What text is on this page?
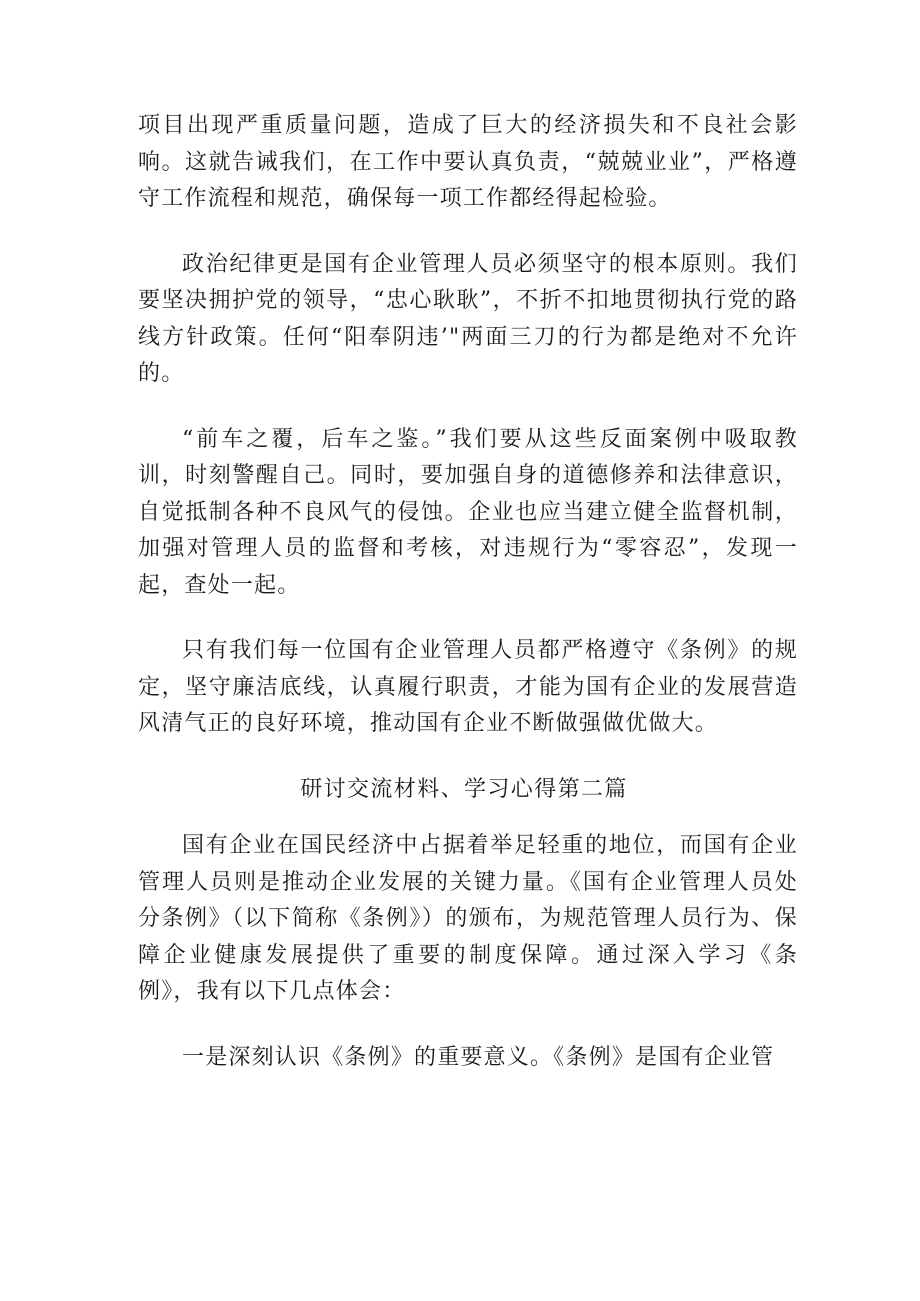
项目出现严重质量问题，造成了巨大的经济损失和不良社会影响。这就告诫我们，在工作中要认真负责，“兢兢业业”，严格遵守工作流程和规范，确保每一项工作都经得起检验。

政治纪律更是国有企业管理人员必须坚守的根本原则。我们要坚决拥护党的领导，“忠心耿耿”，不折不扣地贯彻执行党的路线方针政策。任何“阳奉阴违’"两面三刀的行为都是绝对不允许的。

“前车之覆，后车之鉴。”我们要从这些反面案例中吸取教训，时刻警醒自己。同时，要加强自身的道德修养和法律意识，自觉抵制各种不良风气的侵蚀。企业也应当建立健全监督机制，加强对管理人员的监督和考核，对违规行为“零容忍”，发现一起，查处一起。

只有我们每一位国有企业管理人员都严格遵守《条例》的规定，坚守廉洁底线，认真履行职责，才能为国有企业的发展营造风清气正的良好环境，推动国有企业不断做强做优做大。

研讨交流材料、学习心得第二篇

国有企业在国民经济中占据着举足轻重的地位，而国有企业管理人员则是推动企业发展的关键力量。《国有企业管理人员处分条例》（以下简称《条例》）的颁布，为规范管理人员行为、保障企业健康发展提供了重要的制度保障。通过深入学习《条例》，我有以下几点体会：

一是深刻认识《条例》的重要意义。《条例》是国有企业管
